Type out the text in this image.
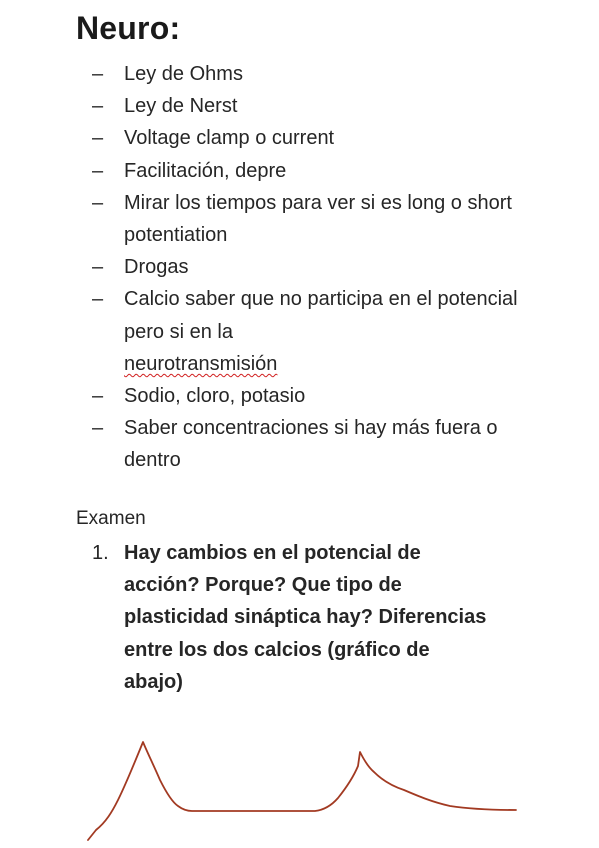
Neuro:
– Ley de Ohms
– Ley de Nerst
– Voltage clamp o current
– Facilitación, depre
– Mirar los tiempos para ver si es long o short potentiation
– Drogas
– Calcio saber que no participa en el potencial pero si en la
neurotransmisión
– Sodio, cloro, potasio
– Saber concentraciones si hay más fuera o dentro
Examen
1. Hay cambios en el potencial de acción? Porque? Que tipo de plasticidad sináptica hay? Diferencias entre los dos calcios (gráfico de abajo)
